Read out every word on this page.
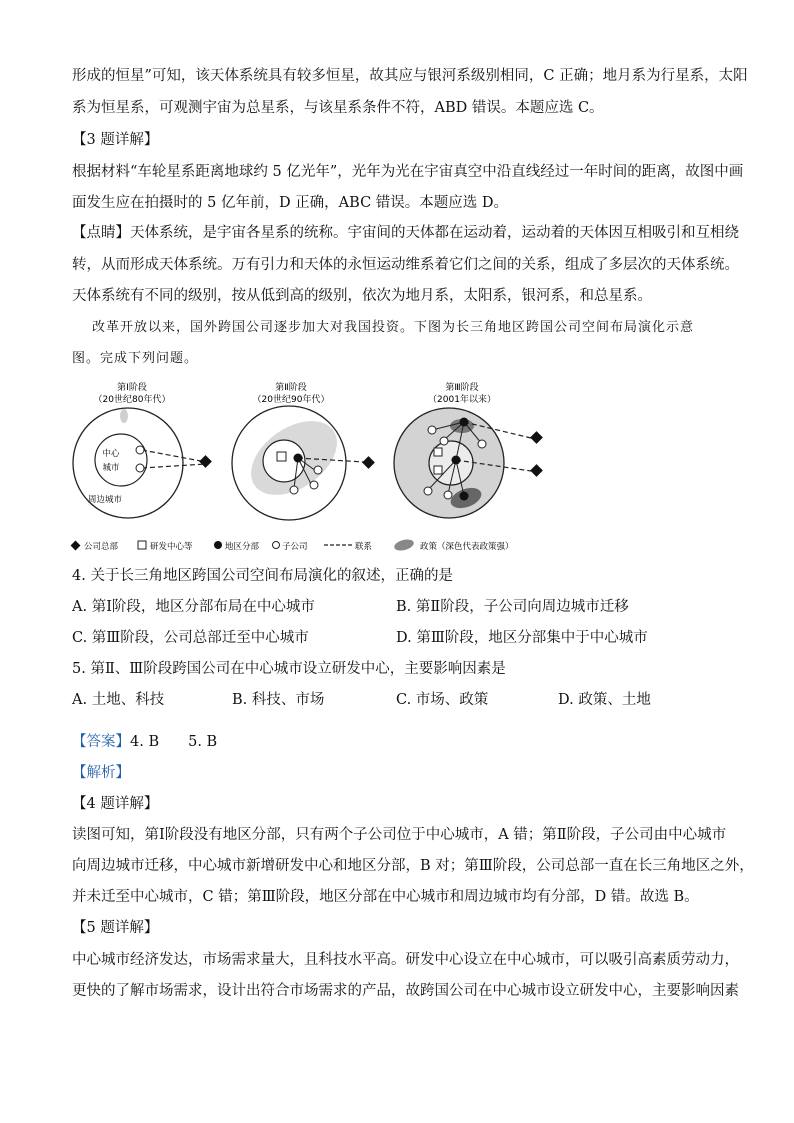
形成的恒星”可知，该天体系统具有较多恒星，故其应与银河系级别相同，C 正确；地月系为行星系，太阳
系为恒星系，可观测宇宙为总星系，与该星系条件不符，ABD 错误。本题应选 C。
【3 题详解】
根据材料“车轮星系距离地球约 5 亿光年”，光年为光在宇宙真空中沿直线经过一年时间的距离，故图中画
面发生应在拍摄时的 5 亿年前，D 正确，ABC 错误。本题应选 D。
【点睛】天体系统，是宇宙各星系的统称。宇宙间的天体都在运动着，运动着的天体因互相吸引和互相绕
转，从而形成天体系统。万有引力和天体的永恒运动维系着它们之间的关系，组成了多层次的天体系统。
天体系统有不同的级别，按从低到高的级别，依次为地月系，太阳系，银河系，和总星系。
改革开放以来，国外跨国公司逐步加大对我国投资。下图为长三角地区跨国公司空间布局演化示意
图。完成下列问题。
第Ⅰ阶段
（20世纪80年代）
中心
城市
周边城市
第Ⅱ阶段
（20世纪90年代）
第Ⅲ阶段
（2001年以来）
公司总部	研发中心等	地区分部	子公司	联系	政策（深色代表政策强）
4. 关于长三角地区跨国公司空间布局演化的叙述，正确的是
A. 第Ⅰ阶段，地区分部布局在中心城市	B. 第Ⅱ阶段，子公司向周边城市迁移
C. 第Ⅲ阶段，公司总部迁至中心城市	D. 第Ⅲ阶段，地区分部集中于中心城市
5. 第Ⅱ、Ⅲ阶段跨国公司在中心城市设立研发中心，主要影响因素是
A. 土地、科技	B. 科技、市场	C. 市场、政策	D. 政策、土地
【答案】4. B　　5. B
【解析】
【4 题详解】
读图可知，第Ⅰ阶段没有地区分部，只有两个子公司位于中心城市，A 错；第Ⅱ阶段，子公司由中心城市
向周边城市迁移，中心城市新增研发中心和地区分部，B 对；第Ⅲ阶段，公司总部一直在长三角地区之外，
并未迁至中心城市，C 错；第Ⅲ阶段，地区分部在中心城市和周边城市均有分部，D 错。故选 B。
【5 题详解】
中心城市经济发达，市场需求量大，且科技水平高。研发中心设立在中心城市，可以吸引高素质劳动力，
更快的了解市场需求，设计出符合市场需求的产品，故跨国公司在中心城市设立研发中心，主要影响因素
